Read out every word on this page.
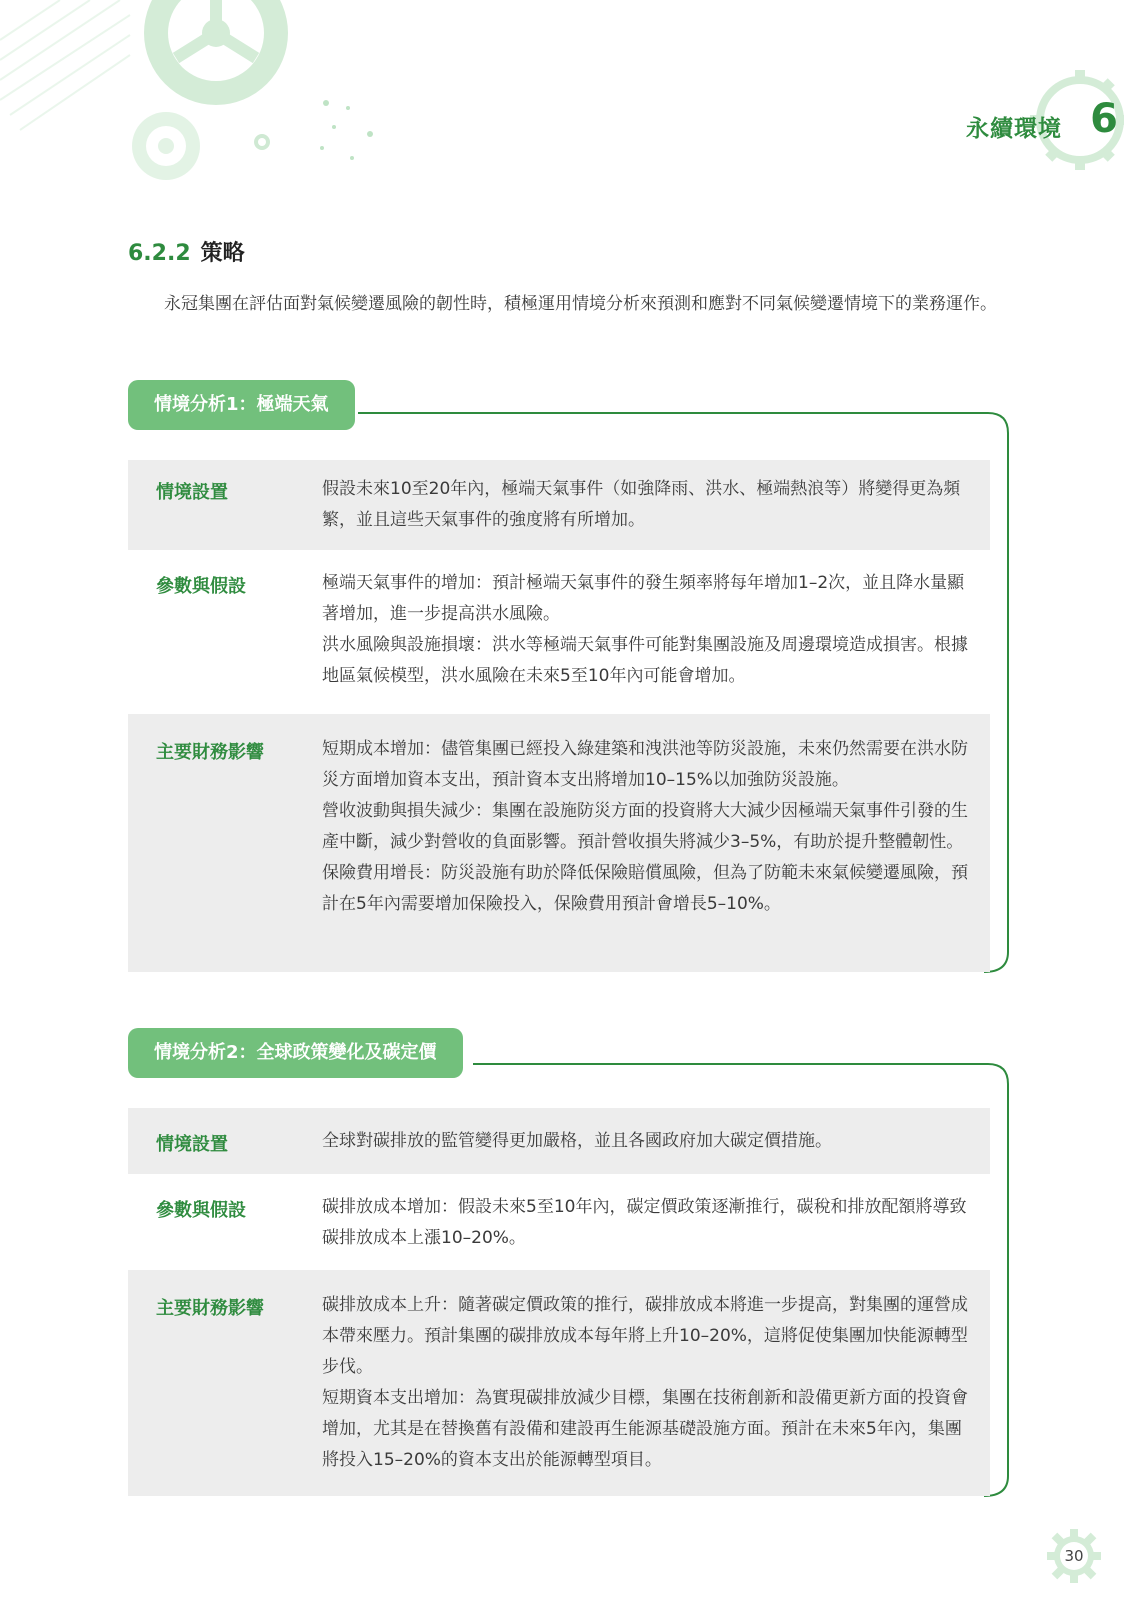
永續環境 6
6.2.2 策略
永冠集團在評估面對氣候變遷風險的韌性時，積極運用情境分析來預測和應對不同氣候變遷情境下的業務運作。
情境分析1：極端天氣
情境設置	假設未來10至20年內，極端天氣事件（如強降雨、洪水、極端熱浪等）將變得更為頻繁，並且這些天氣事件的強度將有所增加。

參數與假設	極端天氣事件的增加：預計極端天氣事件的發生頻率將每年增加1–2次，並且降水量顯著增加，進一步提高洪水風險。

洪水風險與設施損壞：洪水等極端天氣事件可能對集團設施及周邊環境造成損害。根據地區氣候模型，洪水風險在未來5至10年內可能會增加。

主要財務影響	短期成本增加：儘管集團已經投入綠建築和洩洪池等防災設施，未來仍然需要在洪水防災方面增加資本支出，預計資本支出將增加10–15%以加強防災設施。

營收波動與損失減少：集團在設施防災方面的投資將大大減少因極端天氣事件引發的生產中斷，減少對營收的負面影響。預計營收損失將減少3–5%，有助於提升整體韌性。

保險費用增長：防災設施有助於降低保險賠償風險，但為了防範未來氣候變遷風險，預計在5年內需要增加保險投入，保險費用預計會增長5–10%。

情境分析2：全球政策變化及碳定價
情境設置	全球對碳排放的監管變得更加嚴格，並且各國政府加大碳定價措施。

參數與假設	碳排放成本增加：假設未來5至10年內，碳定價政策逐漸推行，碳稅和排放配額將導致碳排放成本上漲10–20%。

主要財務影響	碳排放成本上升：隨著碳定價政策的推行，碳排放成本將進一步提高，對集團的運營成本帶來壓力。預計集團的碳排放成本每年將上升10–20%，這將促使集團加快能源轉型步伐。

短期資本支出增加：為實現碳排放減少目標，集團在技術創新和設備更新方面的投資會增加，尤其是在替換舊有設備和建設再生能源基礎設施方面。預計在未來5年內，集團將投入15–20%的資本支出於能源轉型項目。

30
